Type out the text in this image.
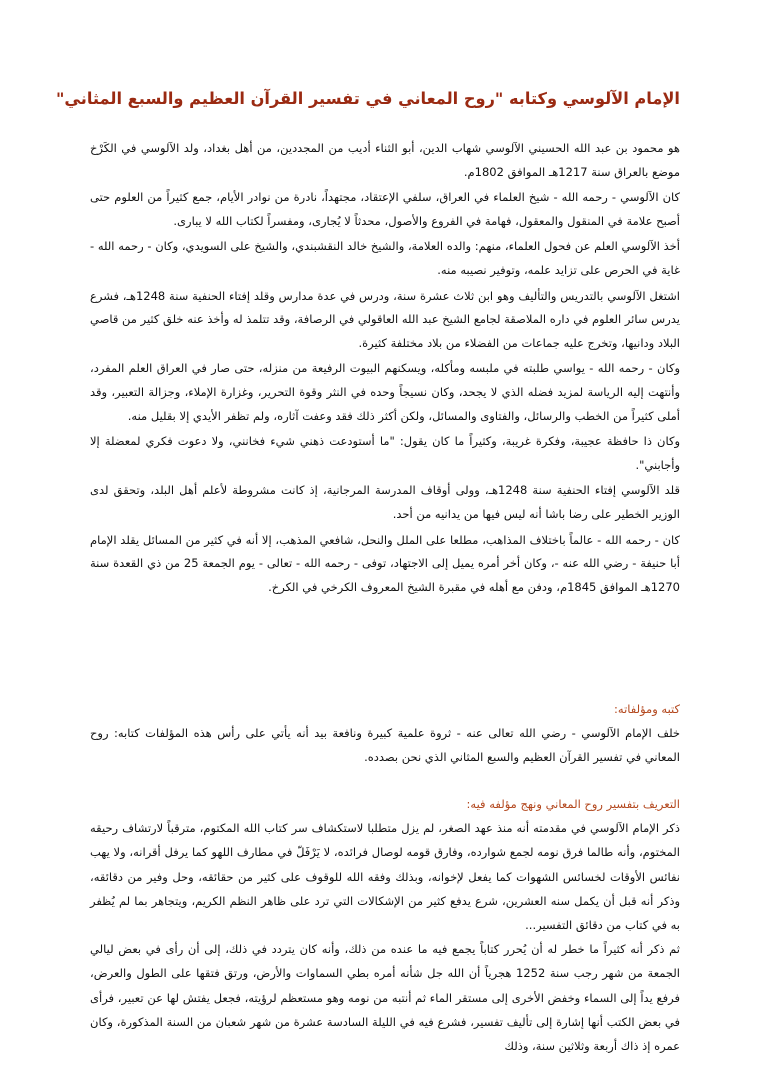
الإمام الآلوسي وكتابه "روح المعاني في تفسير القرآن العظيم والسبع المثاني"

هو محمود بن عبد الله الحسيني الآلوسي شهاب الدين، أبو الثناء أديب من المجددين، من أهل بغداد، ولد الآلوسي في الكَرْخ موضع بالعراق سنة 1217هـ الموافق 1802م.

كان الآلوسي - رحمه الله - شيخ العلماء في العراق، سلفي الإعتقاد، مجتهداً، نادرة من نوادر الأيام، جمع كثيراً من العلوم حتى أصبح علامة في المنقول والمعقول، فهامة في الفروع والأصول، محدثاً لا يُجارى، ومفسراً لكتاب الله لا يبارى.

أخذ الآلوسي العلم عن فحول العلماء، منهم: والده العلامة، والشيخ خالد النقشبندي، والشيخ على السويدي، وكان - رحمه الله - غاية في الحرص على تزايد علمه، وتوفير نصيبه منه.

اشتغل الآلوسي بالتدريس والتأليف وهو ابن ثلاث عشرة سنة، ودرس في عدة مدارس وقلد إفتاء الحنفية سنة 1248هـ، فشرع يدرس سائر العلوم في داره الملاصقة لجامع الشيخ عبد الله العاقولي في الرصافة، وقد تتلمذ له وأخذ عنه خلق كثير من قاصي البلاد ودانيها، وتخرج عليه جماعات من الفضلاء من بلاد مختلفة كثيرة.

وكان - رحمه الله - يواسي طلبته في ملبسه ومأكله، ويسكنهم البيوت الرفيعة من منزله، حتى صار في العراق العلم المفرد، وأنتهت إليه الرياسة لمزيد فضله الذي لا يجحد، وكان نسيجاً وحده في النثر وقوة التحرير، وغزارة الإملاء، وجزالة التعبير، وقد أملى كثيراً من الخطب والرسائل، والفتاوى والمسائل، ولكن أكثر ذلك فقد وعفت آثاره، ولم تظفر الأيدي إلا بقليل منه.

وكان ذا حافظة عجيبة، وفكرة غريبة، وكثيراً ما كان يقول: "ما أستودعت ذهني شيء فخانني، ولا دعوت فكري لمعضلة إلا وأجابني".

قلد الآلوسي إفتاء الحنفية سنة 1248هـ، وولى أوقاف المدرسة المرجانية، إذ كانت مشروطة لأعلم أهل البلد، وتحقق لدى الوزير الخطير على رضا باشا أنه ليس فيها من يدانيه من أحد.

كان - رحمه الله - عالماً باختلاف المذاهب، مطلعا على الملل والنحل، شافعي المذهب، إلا أنه في كثير من المسائل يقلد الإمام أبا حنيفة - رضي الله عنه -، وكان أخر أمره يميل إلى الاجتهاد، توفى - رحمه الله - تعالى - يوم الجمعة 25 من ذي القعدة سنة 1270هـ الموافق 1845م، ودفن مع أهله في مقبرة الشيخ المعروف الكرخي في الكرخ.

كتبه ومؤلفاته:

خلف الإمام الآلوسي - رضي الله تعالى عنه - ثروة علمية كبيرة ونافعة بيد أنه يأتي على رأس هذه المؤلفات كتابه: روح المعاني في تفسير القرآن العظيم والسبع المثاني الذي نحن بصدده.

التعريف بتفسير روح المعاني ونهج مؤلفه فيه:

ذكر الإمام الآلوسي في مقدمته أنه منذ عهد الصغر، لم يزل متطلبا لاستكشاف سر كتاب الله المكتوم، مترقباً لارتشاف رحيقه المختوم، وأنه طالما فرق نومه لجمع شوارده، وفارق قومه لوصال فرائده، لا يَرْفَلّ في مطارف اللهو كما يرفل أقرانه، ولا يهب نفائس الأوقات لخسائس الشهوات كما يفعل لإخوانه، وبذلك وفقه الله للوقوف على كثير من حقائقه، وحل وفير من دقائقه، وذكر أنه قبل أن يكمل سنه العشرين، شرع يدفع كثير من الإشكالات التي ترد على ظاهر النظم الكريم، ويتجاهر بما لم يُظفر به في كتاب من دقائق التفسير...

ثم ذكر أنه كثيراً ما خطر له أن يُحرر كتاباً يجمع فيه ما عنده من ذلك، وأنه كان يتردد في ذلك، إلى أن رأى في بعض ليالي الجمعة من شهر رجب سنة 1252 هجرياً أن الله جل شأنه أمره بطي السماوات والأرض، ورتق فتقها على الطول والعرض، فرفع يداً إلى السماء وخفض الأخرى إلى مستقر الماء ثم أنتبه من نومه وهو مستعظم لرؤيته، فجعل يفتش لها عن تعبير، فرأى في بعض الكتب أنها إشارة إلى تأليف تفسير، فشرع فيه في الليلة السادسة عشرة من شهر شعبان من السنة المذكورة، وكان عمره إذ ذاك أربعة وثلاثين سنة، وذلك
